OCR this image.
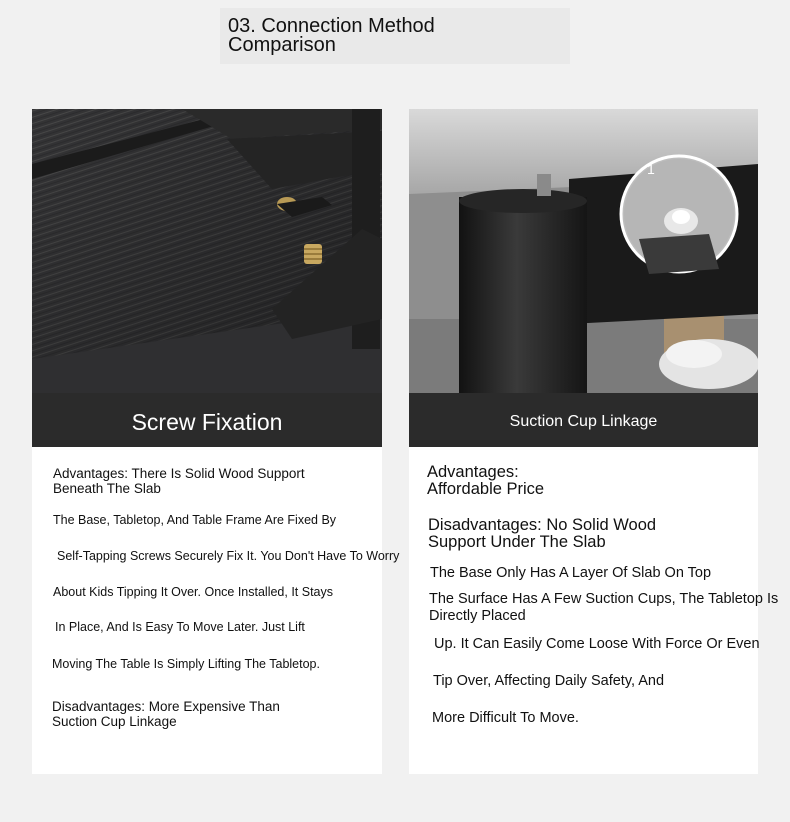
03. Connection Method Comparison
Screw Fixation
Advantages: There Is Solid Wood Support
Beneath The Slab
The Base, Tabletop, And Table Frame Are Fixed By
Self-Tapping Screws Securely Fix It. You Don't Have To Worry
About Kids Tipping It Over. Once Installed, It Stays
In Place, And Is Easy To Move Later. Just Lift
Moving The Table Is Simply Lifting The Tabletop.
Disadvantages: More Expensive Than
Suction Cup Linkage
1
Suction Cup Linkage
Advantages:
Affordable Price
Disadvantages: No Solid Wood
Support Under The Slab
The Base Only Has A Layer Of Slab On Top
The Surface Has A Few Suction Cups, The Tabletop Is
Directly Placed
Up. It Can Easily Come Loose With Force Or Even
Tip Over, Affecting Daily Safety, And
More Difficult To Move.
